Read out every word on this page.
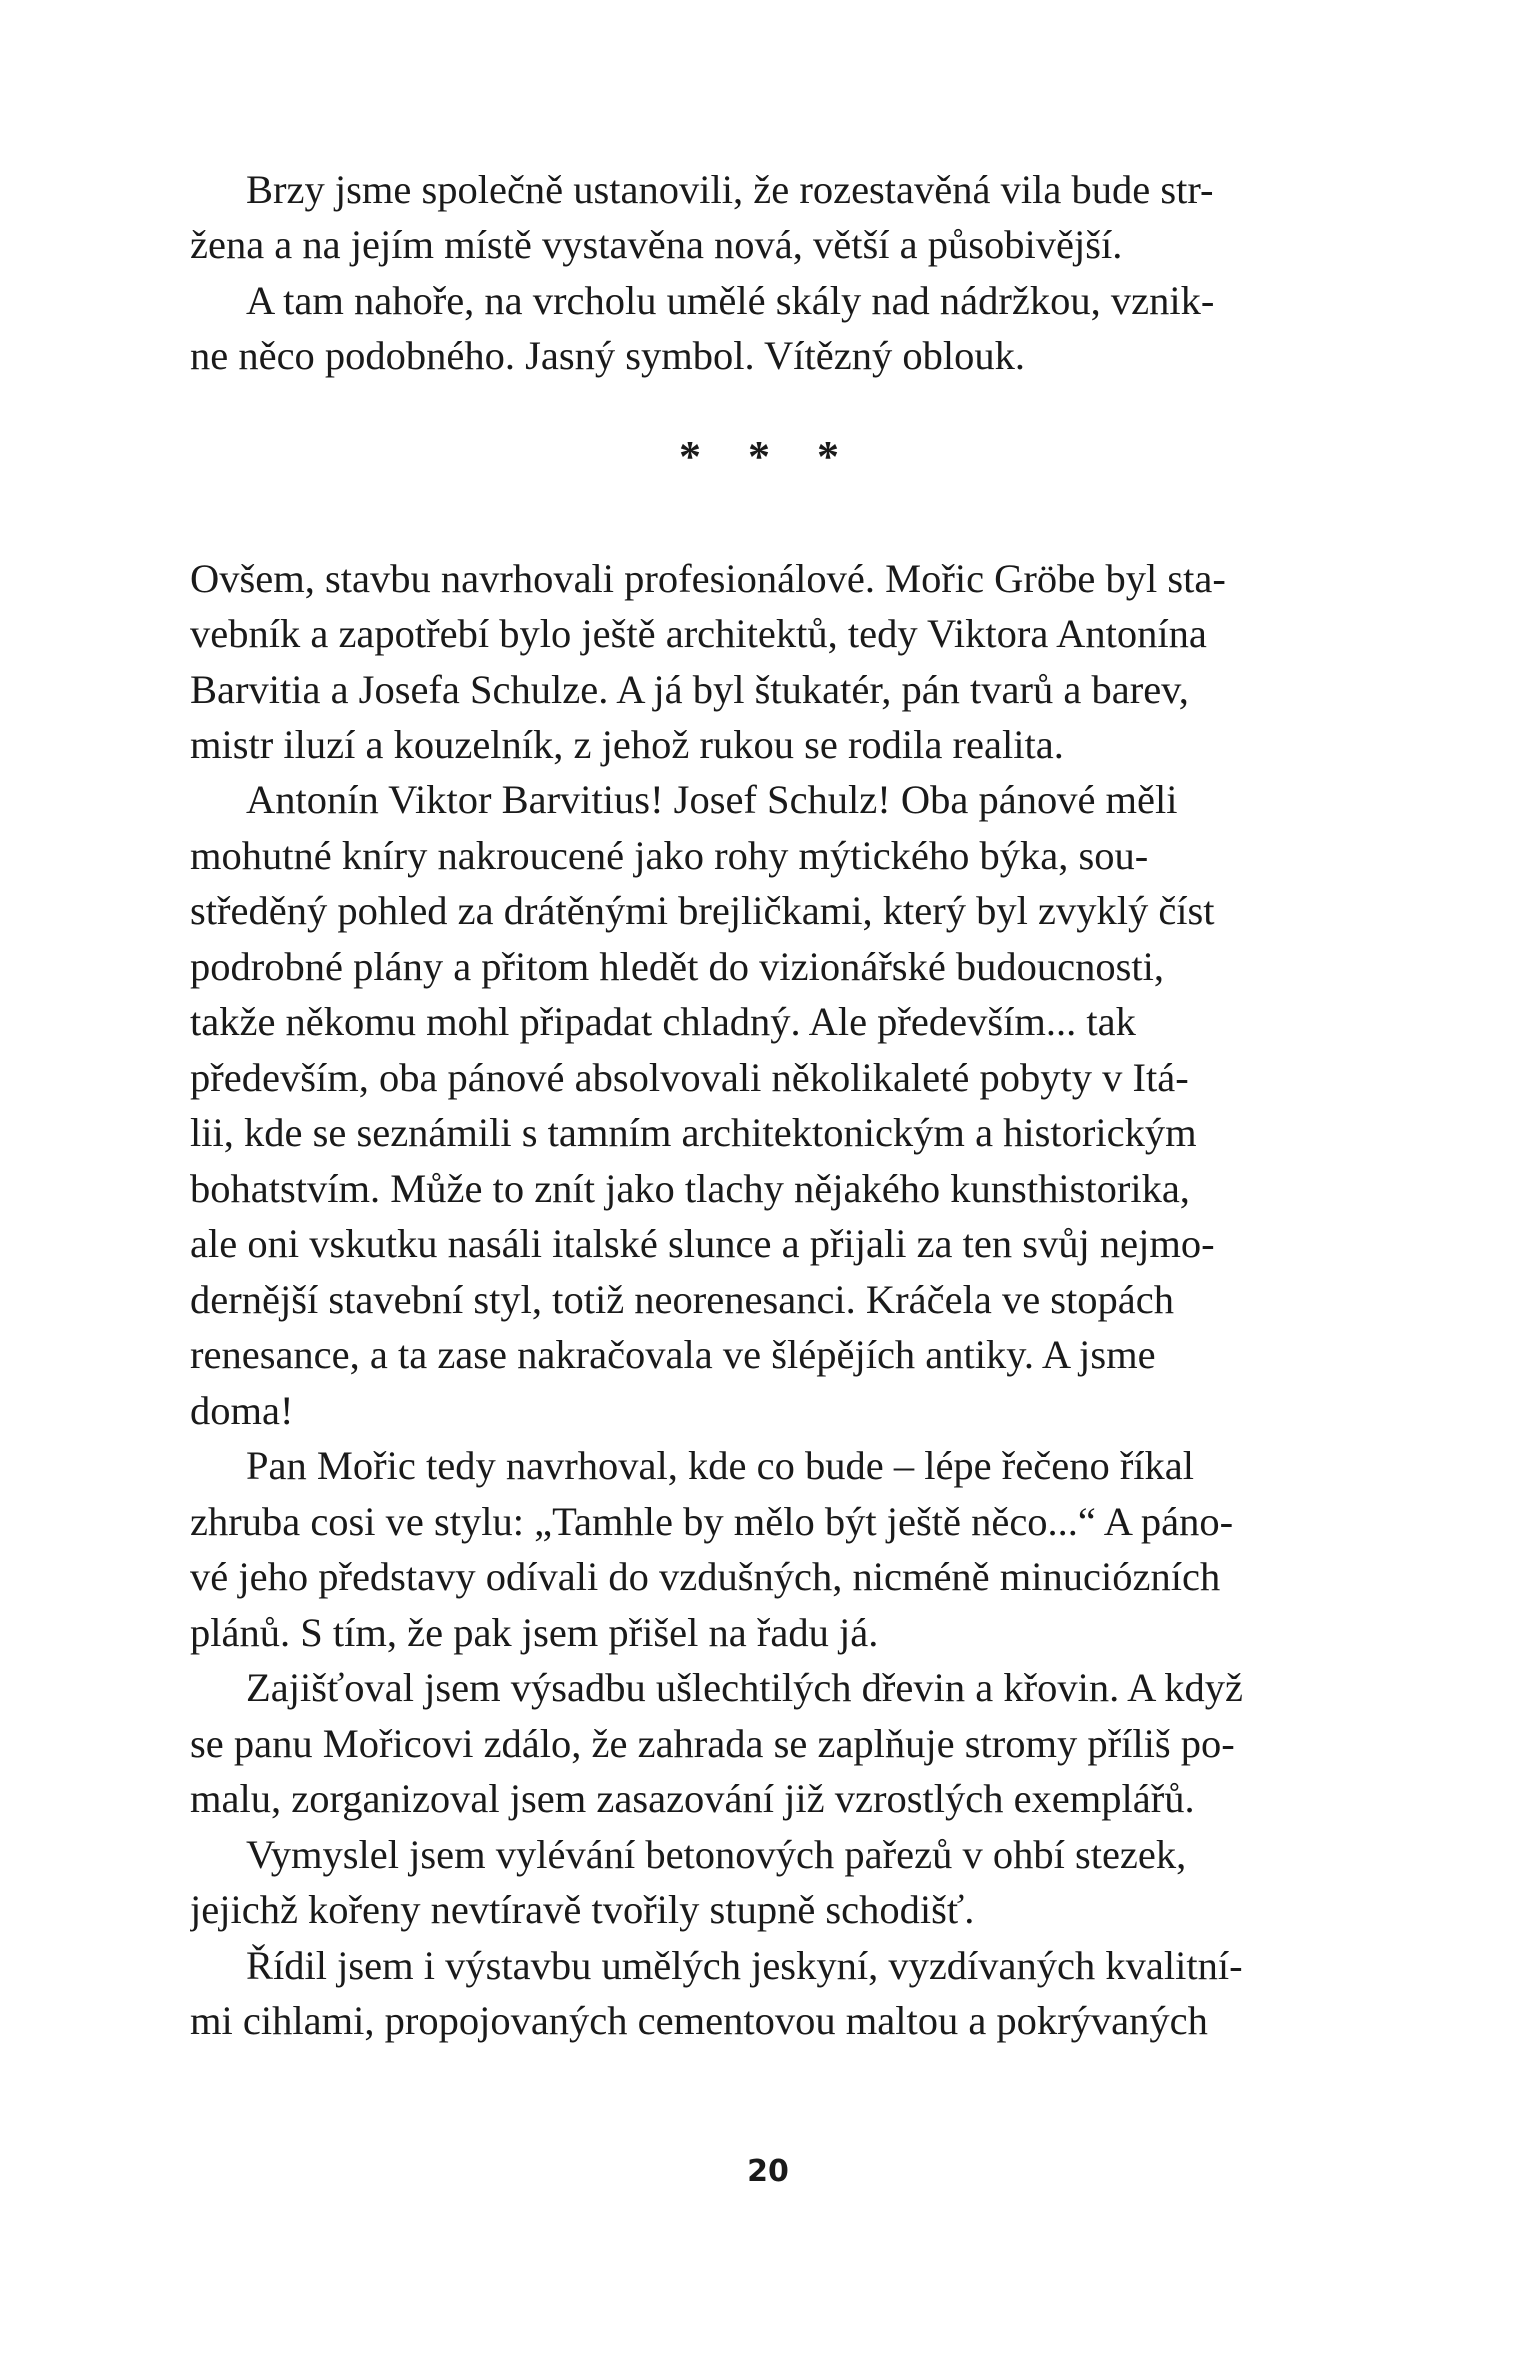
Brzy jsme společně ustanovili, že rozestavěná vila bude str-
žena a na jejím místě vystavěna nová, větší a působivější.
A tam nahoře, na vrcholu umělé skály nad nádržkou, vznik-
ne něco podobného. Jasný symbol. Vítězný oblouk.
* * *
Ovšem, stavbu navrhovali profesionálové. Mořic Gröbe byl sta-
vebník a zapotřebí bylo ještě architektů, tedy Viktora Antonína
Barvitia a Josefa Schulze. A já byl štukatér, pán tvarů a barev,
mistr iluzí a kouzelník, z jehož rukou se rodila realita.
Antonín Viktor Barvitius! Josef Schulz! Oba pánové měli
mohutné kníry nakroucené jako rohy mýtického býka, sou-
středěný pohled za drátěnými brejličkami, který byl zvyklý číst
podrobné plány a přitom hledět do vizionářské budoucnosti,
takže někomu mohl připadat chladný. Ale především... tak
především, oba pánové absolvovali několikaleté pobyty v Itá-
lii, kde se seznámili s tamním architektonickým a historickým
bohatstvím. Může to znít jako tlachy nějakého kunsthistorika,
ale oni vskutku nasáli italské slunce a přijali za ten svůj nejmo-
dernější stavební styl, totiž neorenesanci. Kráčela ve stopách
renesance, a ta zase nakračovala ve šlépějích antiky. A jsme
doma!
Pan Mořic tedy navrhoval, kde co bude – lépe řečeno říkal
zhruba cosi ve stylu: „Tamhle by mělo být ještě něco...“ A páno-
vé jeho představy odívali do vzdušných, nicméně minuciózních
plánů. S tím, že pak jsem přišel na řadu já.
Zajišťoval jsem výsadbu ušlechtilých dřevin a křovin. A když
se panu Mořicovi zdálo, že zahrada se zaplňuje stromy příliš po-
malu, zorganizoval jsem zasazování již vzrostlých exemplářů.
Vymyslel jsem vylévání betonových pařezů v ohbí stezek,
jejichž kořeny nevtíravě tvořily stupně schodišť.
Řídil jsem i výstavbu umělých jeskyní, vyzdívaných kvalitní-
mi cihlami, propojovaných cementovou maltou a pokrývaných
20
